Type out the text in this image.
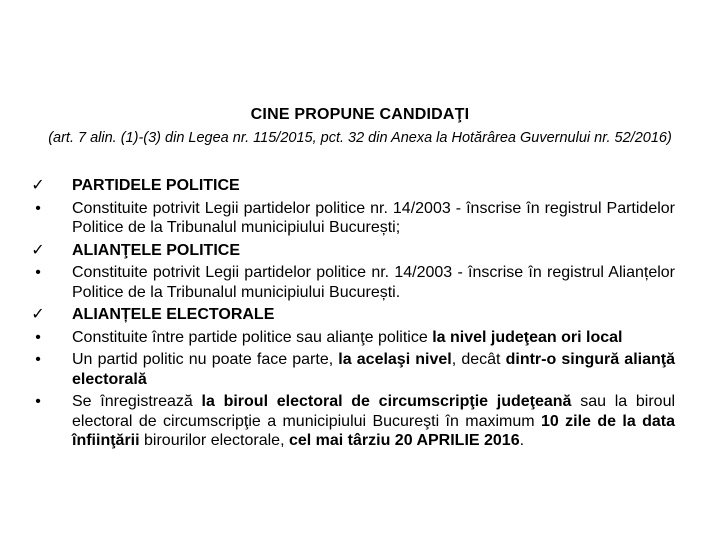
CINE PROPUNE CANDIDAŢI
(art. 7 alin. (1)-(3) din Legea nr. 115/2015, pct. 32 din Anexa la Hotărârea Guvernului nr. 52/2016)
✓ PARTIDELE POLITICE
•	Constituite potrivit Legii partidelor politice nr. 14/2003 - înscrise în registrul Partidelor Politice de la Tribunalul municipiului București;
✓ ALIANŢELE POLITICE
•	Constituite potrivit Legii partidelor politice nr. 14/2003 - înscrise în registrul Alianțelor Politice de la Tribunalul municipiului București.
✓ ALIANȚELE ELECTORALE
•	Constituite între partide politice sau alianţe politice la nivel judeţean ori local
•	Un partid politic nu poate face parte, la acelaşi nivel, decât dintr-o singură alianţă electorală
•	Se înregistrează la biroul electoral de circumscripţie judeţeană sau la biroul electoral de circumscripţie a municipiului Bucureşti în maximum 10 zile de la data înfiinţării birourilor electorale, cel mai târziu 20 APRILIE 2016.
